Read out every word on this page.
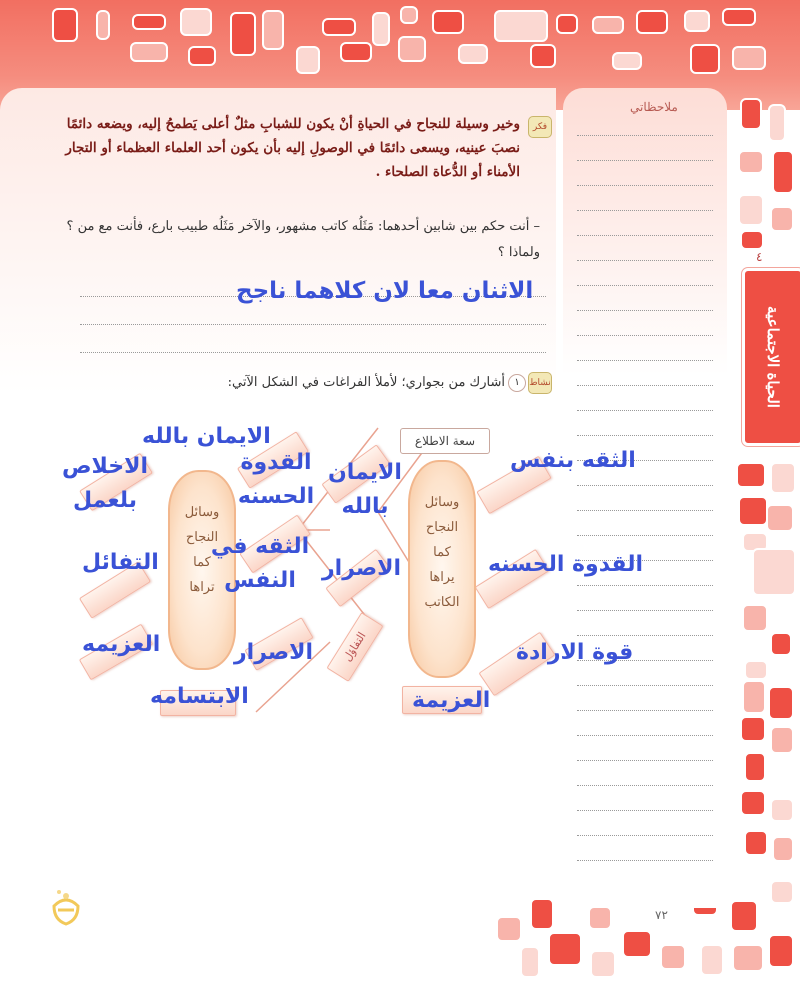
ملاحظاتي
٤
الحياة الاجتماعية
فكر
وخير وسيلة للنجاح في الحياةِ أنْ يكون للشبابِ مثلٌ أعلى يَطمحُ إليه، ويضعه دائمًا نصبَ عينيه، ويسعى دائمًا في الوصولِ إليه بأن يكون أحد العلماء العظماء أو التجار الأمناء أو الدُّعاة الصلحاء .
– أنت حكم بين شابين أحدهما: مَثَلُه كاتب مشهور، والآخر مَثَلُه طبيب بارع، فأنت مع من ؟ ولماذا ؟
الاثنان معا لان كلاهما ناجح
نشاط
١
أشارك من بجواري؛ لأملأ الفراغات في الشكل الآتي:
سعة الاطلاع
التفاؤل
وسائل
النجاح
كما
يراها
الكاتب
وسائل
النجاح
كما
تراها
الثقه بنفس
القدوة الحسنه
قوة الارادة
العزيمة
الايمان بالله
الاصرار
الايمان بالله
القدوة الحسنه
الثقه في النفس
الاصرار
الابتسامه
الاخلاص بلعمل
التفائل
العزيمه
٧٢
